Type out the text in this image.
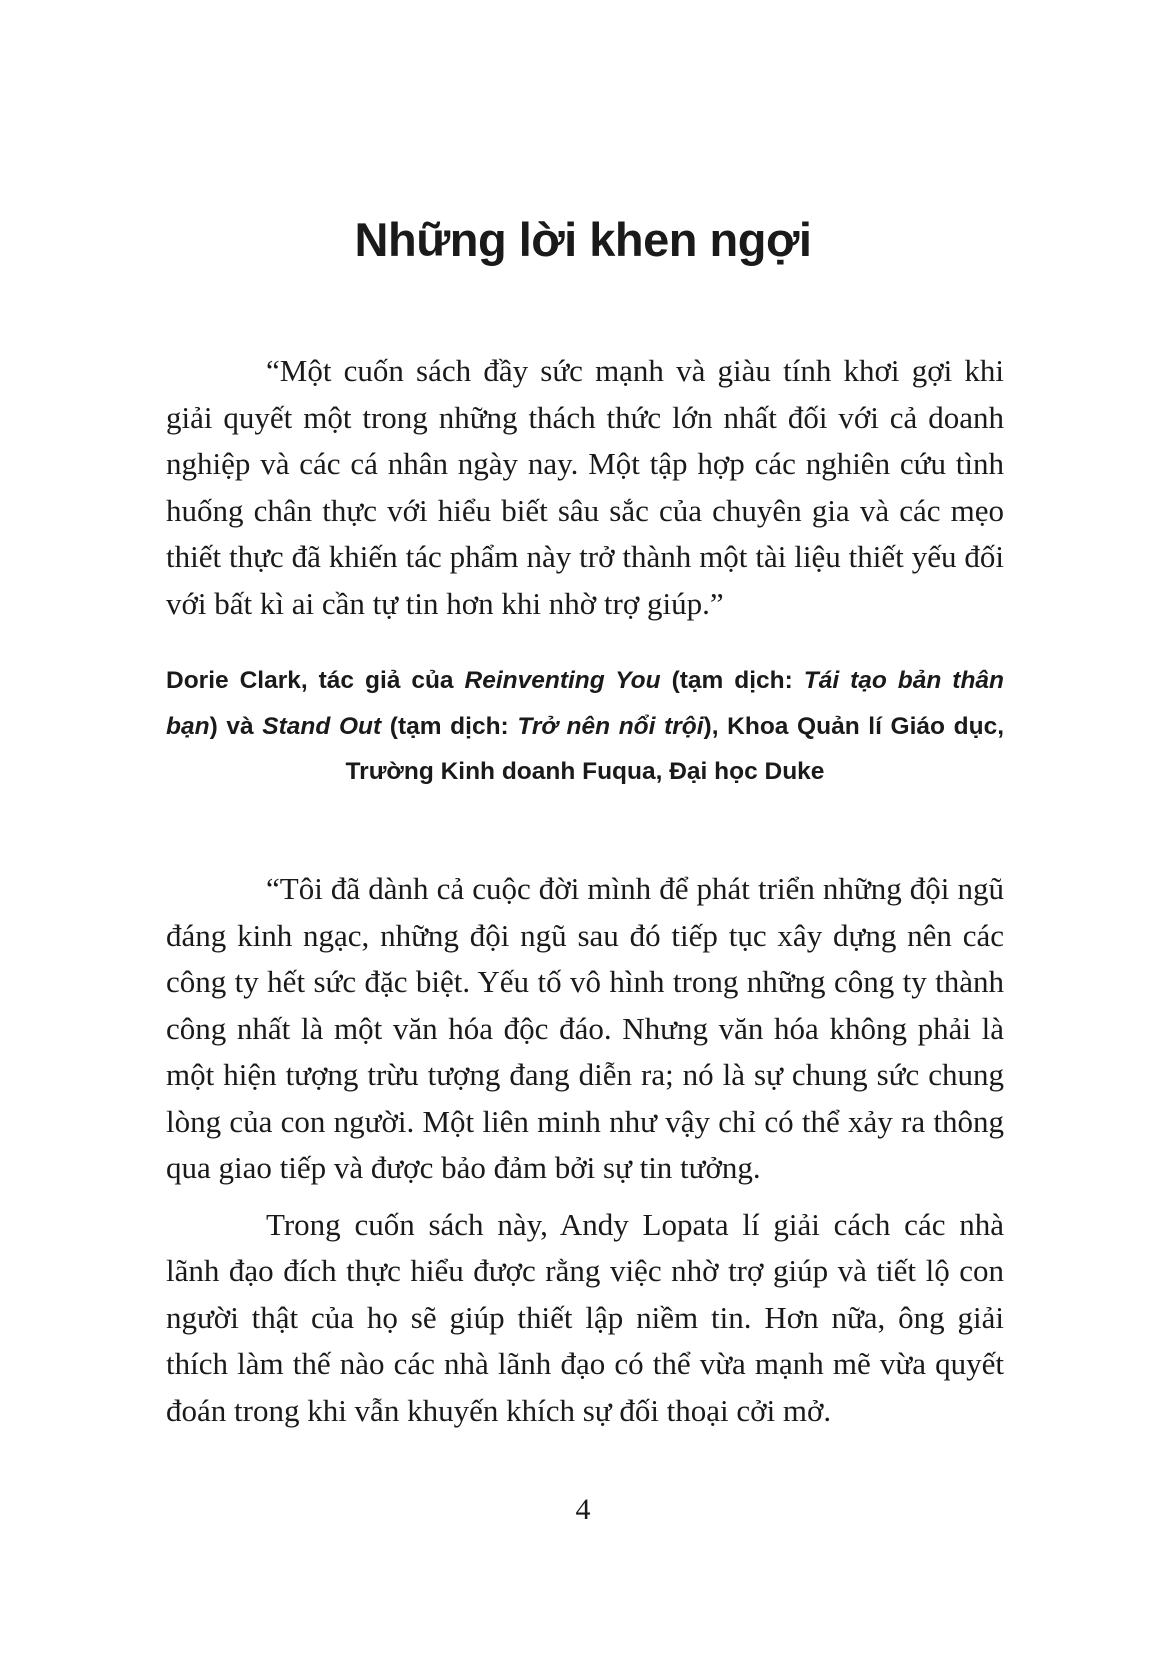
Những lời khen ngợi

“Một cuốn sách đầy sức mạnh và giàu tính khơi gợi khi giải quyết một trong những thách thức lớn nhất đối với cả doanh nghiệp và các cá nhân ngày nay. Một tập hợp các nghiên cứu tình huống chân thực với hiểu biết sâu sắc của chuyên gia và các mẹo thiết thực đã khiến tác phẩm này trở thành một tài liệu thiết yếu đối với bất kì ai cần tự tin hơn khi nhờ trợ giúp.”

Dorie Clark, tác giả của Reinventing You (tạm dịch: Tái tạo bản thân bạn) và Stand Out (tạm dịch: Trở nên nổi trội), Khoa Quản lí Giáo dục, Trường Kinh doanh Fuqua, Đại học Duke

“Tôi đã dành cả cuộc đời mình để phát triển những đội ngũ đáng kinh ngạc, những đội ngũ sau đó tiếp tục xây dựng nên các công ty hết sức đặc biệt. Yếu tố vô hình trong những công ty thành công nhất là một văn hóa độc đáo. Nhưng văn hóa không phải là một hiện tượng trừu tượng đang diễn ra; nó là sự chung sức chung lòng của con người. Một liên minh như vậy chỉ có thể xảy ra thông qua giao tiếp và được bảo đảm bởi sự tin tưởng.

Trong cuốn sách này, Andy Lopata lí giải cách các nhà lãnh đạo đích thực hiểu được rằng việc nhờ trợ giúp và tiết lộ con người thật của họ sẽ giúp thiết lập niềm tin. Hơn nữa, ông giải thích làm thế nào các nhà lãnh đạo có thể vừa mạnh mẽ vừa quyết đoán trong khi vẫn khuyến khích sự đối thoại cởi mở.

4
